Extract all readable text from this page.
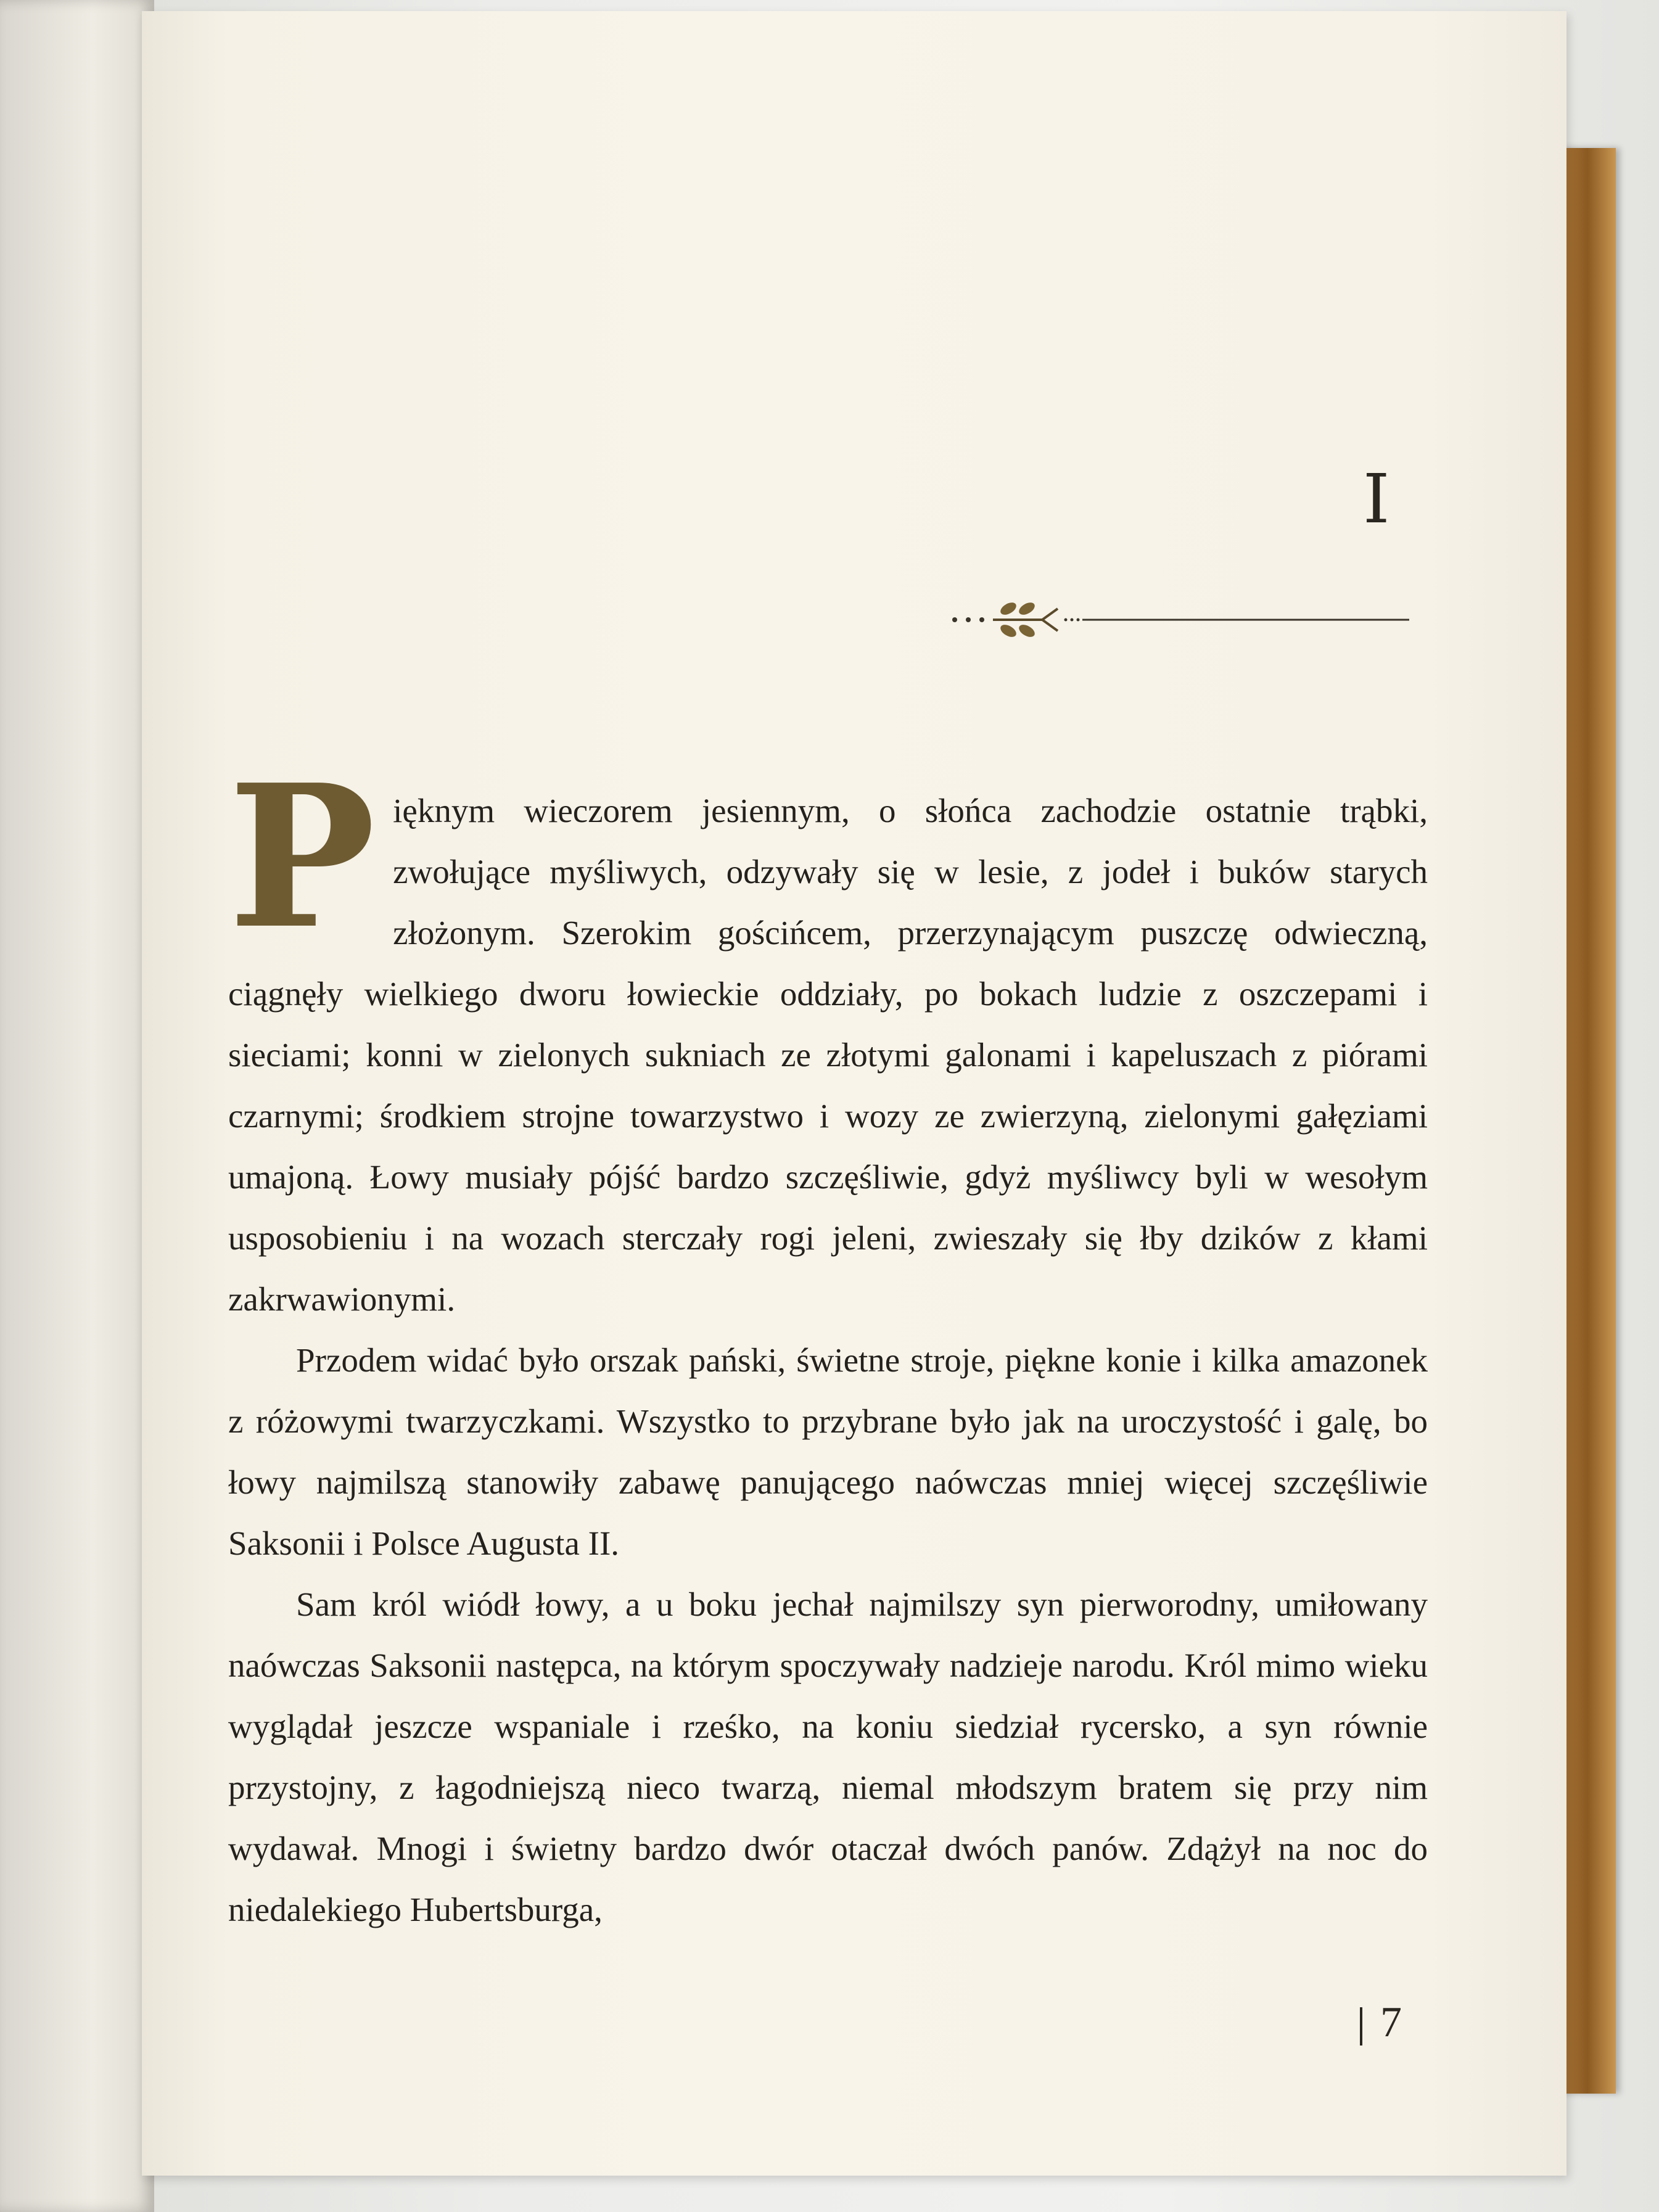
I

Pięknym wieczorem jesiennym, o słońca zachodzie ostatnie trąbki, zwołujące myśliwych, odzywały się w lesie, z jodeł i buków starych złożonym. Szerokim gościńcem, przerzynającym puszczę odwieczną, ciągnęły wielkiego dworu łowieckie oddziały, po bokach ludzie z oszczepami i sieciami; konni w zielonych sukniach ze złotymi galonami i kapeluszach z piórami czarnymi; środkiem strojne towarzystwo i wozy ze zwierzyną, zielonymi gałęziami umajoną. Łowy musiały pójść bardzo szczęśliwie, gdyż myśliwcy byli w wesołym usposobieniu i na wozach sterczały rogi jeleni, zwieszały się łby dzików z kłami zakrwawionymi.

Przodem widać było orszak pański, świetne stroje, piękne konie i kilka amazonek z różowymi twarzyczkami. Wszystko to przybrane było jak na uroczystość i galę, bo łowy najmilszą stanowiły zabawę panującego naówczas mniej więcej szczęśliwie Saksonii i Polsce Augusta II.

Sam król wiódł łowy, a u boku jechał najmilszy syn pierworodny, umiłowany naówczas Saksonii następca, na którym spoczywały nadzieje narodu. Król mimo wieku wyglądał jeszcze wspaniale i rześko, na koniu siedział rycersko, a syn równie przystojny, z łagodniejszą nieco twarzą, niemal młodszym bratem się przy nim wydawał. Mnogi i świetny bardzo dwór otaczał dwóch panów. Zdążył na noc do niedalekiego Hubertsburga,

7
